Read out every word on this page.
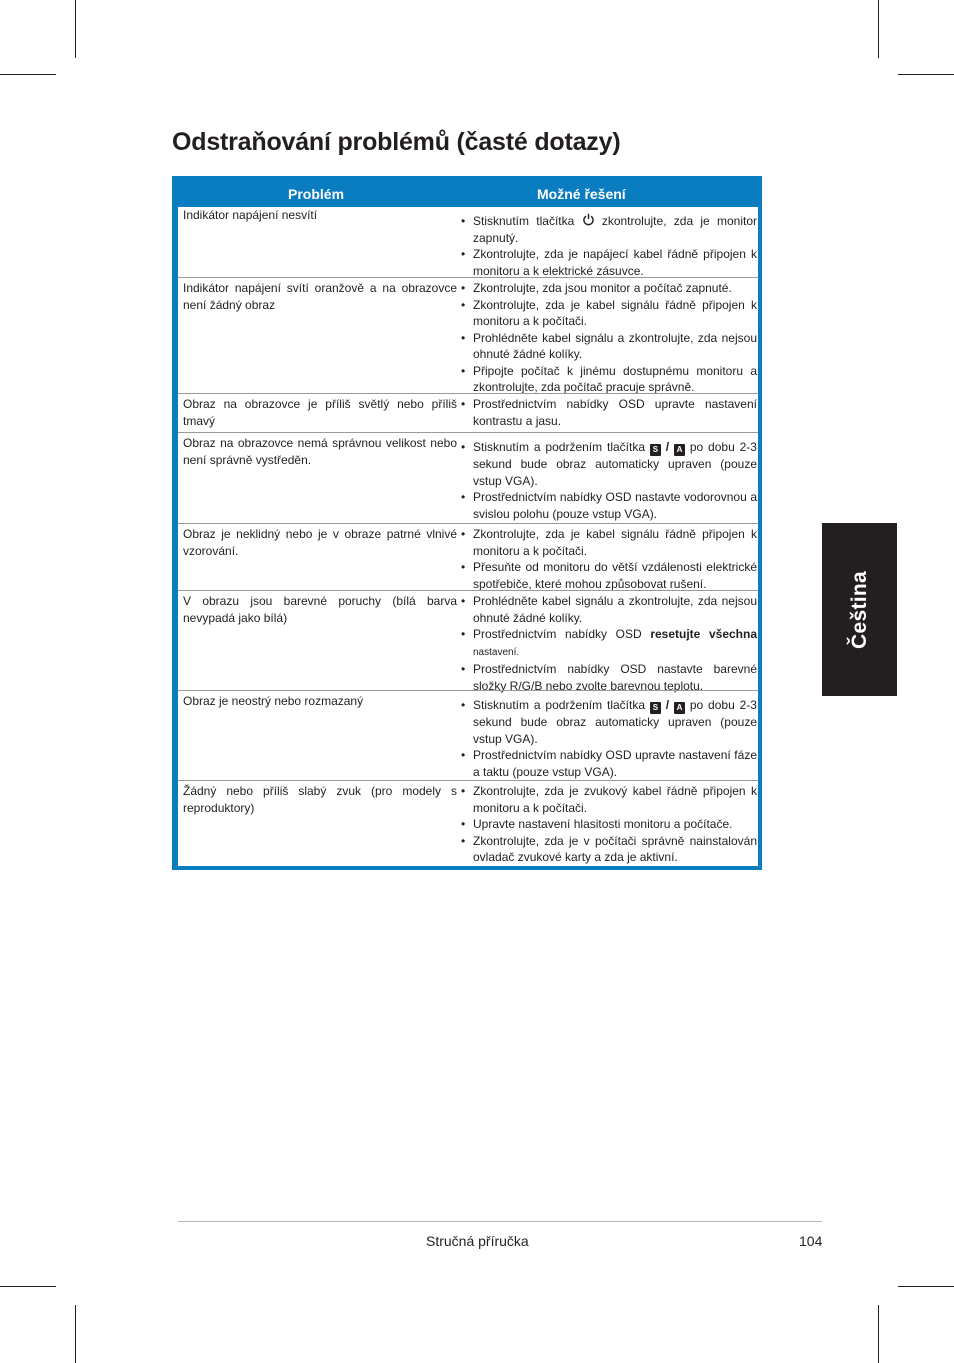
Odstraňování problémů (časté dotazy)
Čeština
Problém	Možné řešení
Indikátor napájení nesvítí	• Stisknutím tlačítka zkontrolujte, zda je monitor zapnutý.
• Zkontrolujte, zda je napájecí kabel řádně připojen k monitoru a k elektrické zásuvce.
Indikátor napájení svítí oranžově a na obrazovce není žádný obraz
• Zkontrolujte, zda jsou monitor a počítač zapnuté.
• Zkontrolujte, zda je kabel signálu řádně připojen k monitoru a k počítači.
• Prohlédněte kabel signálu a zkontrolujte, zda nejsou ohnuté žádné kolíky.
• Připojte počítač k jinému dostupnému monitoru a zkontrolujte, zda počítač pracuje správně.
Obraz na obrazovce je příliš světlý nebo příliš tmavý
• Prostřednictvím nabídky OSD upravte nastavení kontrastu a jasu.
Obraz na obrazovce nemá správnou velikost nebo není správně vystředěn.
• Stisknutím a podržením tlačítka S / A po dobu 2-3 sekund bude obraz automaticky upraven (pouze vstup VGA).
• Prostřednictvím nabídky OSD nastavte vodorovnou a svislou polohu (pouze vstup VGA).
Obraz je neklidný nebo je v obraze patrné vlnivé vzorování.
• Zkontrolujte, zda je kabel signálu řádně připojen k monitoru a k počítači.
• Přesuňte od monitoru do větší vzdálenosti elektrické spotřebiče, které mohou způsobovat rušení.
V obrazu jsou barevné poruchy (bílá barva nevypadá jako bílá)
• Prohlédněte kabel signálu a zkontrolujte, zda nejsou ohnuté žádné kolíky.
• Prostřednictvím nabídky OSD resetujte všechna nastavení.
• Prostřednictvím nabídky OSD nastavte barevné složky R/G/B nebo zvolte barevnou teplotu.
Obraz je neostrý nebo rozmazaný	• Stisknutím a podržením tlačítka S / A po dobu 2-3 sekund bude obraz automaticky upraven (pouze vstup VGA).
• Prostřednictvím nabídky OSD upravte nastavení fáze a taktu (pouze vstup VGA).
Žádný nebo příliš slabý zvuk (pro modely s reproduktory)
• Zkontrolujte, zda je zvukový kabel řádně připojen k monitoru a k počítači.
• Upravte nastavení hlasitosti monitoru a počítače.
• Zkontrolujte, zda je v počítači správně nainstalován ovladač zvukové karty a zda je aktivní.
Stručná příručka	104
